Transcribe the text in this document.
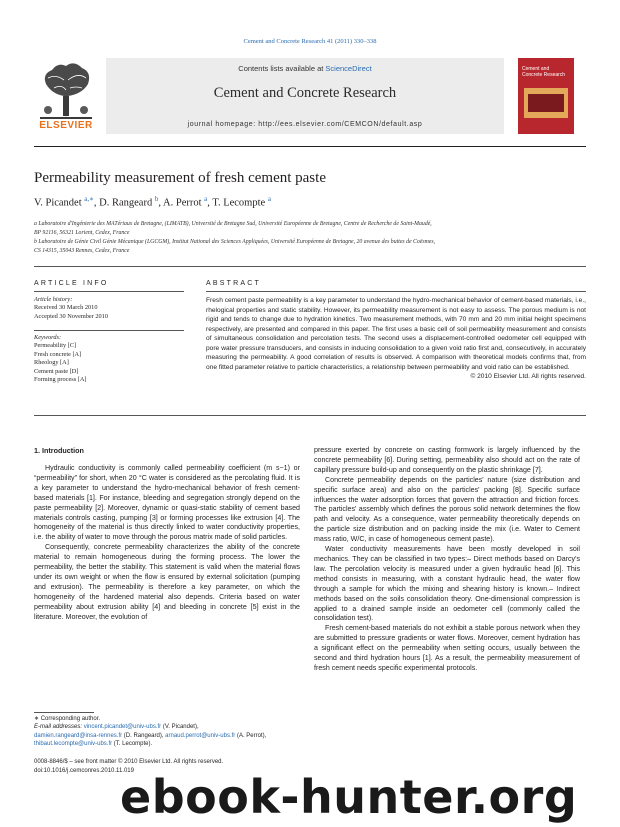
Cement and Concrete Research 41 (2011) 330–338
ELSEVIER
Contents lists available at ScienceDirect
Cement and Concrete Research
journal homepage: http://ees.elsevier.com/CEMCON/default.asp
Cement and Concrete Research
Permeability measurement of fresh cement paste
V. Picandet $^{a,∗}$, D. Rangeard $^b$, A. Perrot $^a$, T. Lecompte $^a$
a Laboratoire d'Ingénierie des MATériaux de Bretagne, (LIMATB), Université de Bretagne Sud, Université Européenne de Bretagne, Centre de Recherche de Saint-Maudé,
BP 92116, 56321 Lorient, Cedex, France
b Laboratoire de Génie Civil Génie Mécanique (LGCGM), Institut National des Sciences Appliquées, Université Européenne de Bretagne, 20 avenue des buttes de Coësmes,
CS 14315, 35043 Rennes, Cedex, France
ARTICLE INFO
Article history:
Received 30 March 2010
Accepted 30 November 2010
Keywords:
Permeability [C]
Fresh concrete [A]
Rheology [A]
Cement paste [D]
Forming process [A]
ABSTRACT
Fresh cement paste permeability is a key parameter to understand the hydro-mechanical behavior of cement-based materials, i.e., rhelogical properties and static stability. However, its permeability measurement is not easy to assess. The porous medium is not rigid and tends to change due to hydration kinetics. Two measurement methods, with 70 mm and 20 mm initial height specimens respectively, are presented and compared in this paper. The first uses a basic cell of soil permeability measurement and consists of simultaneous consolidation and percolation tests. The second uses a displacement-controlled oedometer cell equipped with pore water pressure transducers, and consists in inducing consolidation to a given void ratio first and, consecutively, in accurately measuring the permeability. A good correlation of results is observed. A comparison with theoretical models confirms that, from one fitted parameter relative to particle characteristics, a relationship between permeability and void ratio can be established.
© 2010 Elsevier Ltd. All rights reserved.
1. Introduction

Hydraulic conductivity is commonly called permeability coefficient (m s−1) or “permeability” for short, when 20 °C water is considered as the percolating fluid. It is a key parameter to understand the hydro-mechanical behavior of fresh cement-based materials [1]. For instance, bleeding and segregation strongly depend on the paste permeability [2]. Moreover, dynamic or quasi-static stability of cement based materials controls casting, pumping [3] or forming processes like extrusion [4]. The homogeneity of the material is thus directly linked to water conductivity properties, i.e. the ability of water to move through the porous matrix made of solid particles.

Consequently, concrete permeability characterizes the ability of the concrete material to remain homogeneous during the forming process. The lower the permeability, the better the stability. This statement is valid when the material flows under its own weight or when the flow is ensured by external solicitation (pumping and extrusion). The permeability is therefore a key parameter, on which the homogeneity of the hardened material also depends. Criteria based on water permeability about extrusion ability [4] and bleeding in concrete [5] exist in the literature. Moreover, the evolution of

pressure exerted by concrete on casting formwork is largely influenced by the concrete permeability [6]. During setting, permeability also should act on the rate of capillary pressure build-up and consequently on the plastic shrinkage [7].

Concrete permeability depends on the particles' nature (size distribution and specific surface area) and also on the particles' packing [8]. Specific surface influences the water adsorption forces that govern the attraction and friction forces. The particles' assembly which defines the porous solid network determines the flow path and velocity. As a consequence, water permeability theoretically depends on the particle size distribution and on packing inside the mix (i.e. Water to Cement mass ratio, W/C, in case of homogeneous cement paste).

Water conductivity measurements have been mostly developed in soil mechanics. They can be classified in two types:– Direct methods based on Darcy's law. The percolation velocity is measured under a given hydraulic head [6]. This method consists in measuring, with a constant hydraulic head, the water flow through a sample for which the mixing and shearing history is known.– Indirect methods based on the soils consolidation theory. One-dimensional compression is applied to a drained sample inside an oedometer cell (commonly called the consolidation test).

Fresh cement-based materials do not exhibit a stable porous network when they are submitted to pressure gradients or water flows. Moreover, cement hydration has a significant effect on the permeability when setting occurs, usually between the second and third hydration hours [1]. As a result, the permeability measurement of fresh cement needs specific experimental protocols.

∗ Corresponding author.
E-mail addresses: vincent.picandet@univ-ubs.fr (V. Picandet),
damien.rangeard@insa-rennes.fr (D. Rangeard), arnaud.perrot@univ-ubs.fr (A. Perrot),
thibaut.lecompte@univ-ubs.fr (T. Lecompte).
0008-8846/$ – see front matter © 2010 Elsevier Ltd. All rights reserved.
doi:10.1016/j.cemconres.2010.11.019
ebook-hunter.org
